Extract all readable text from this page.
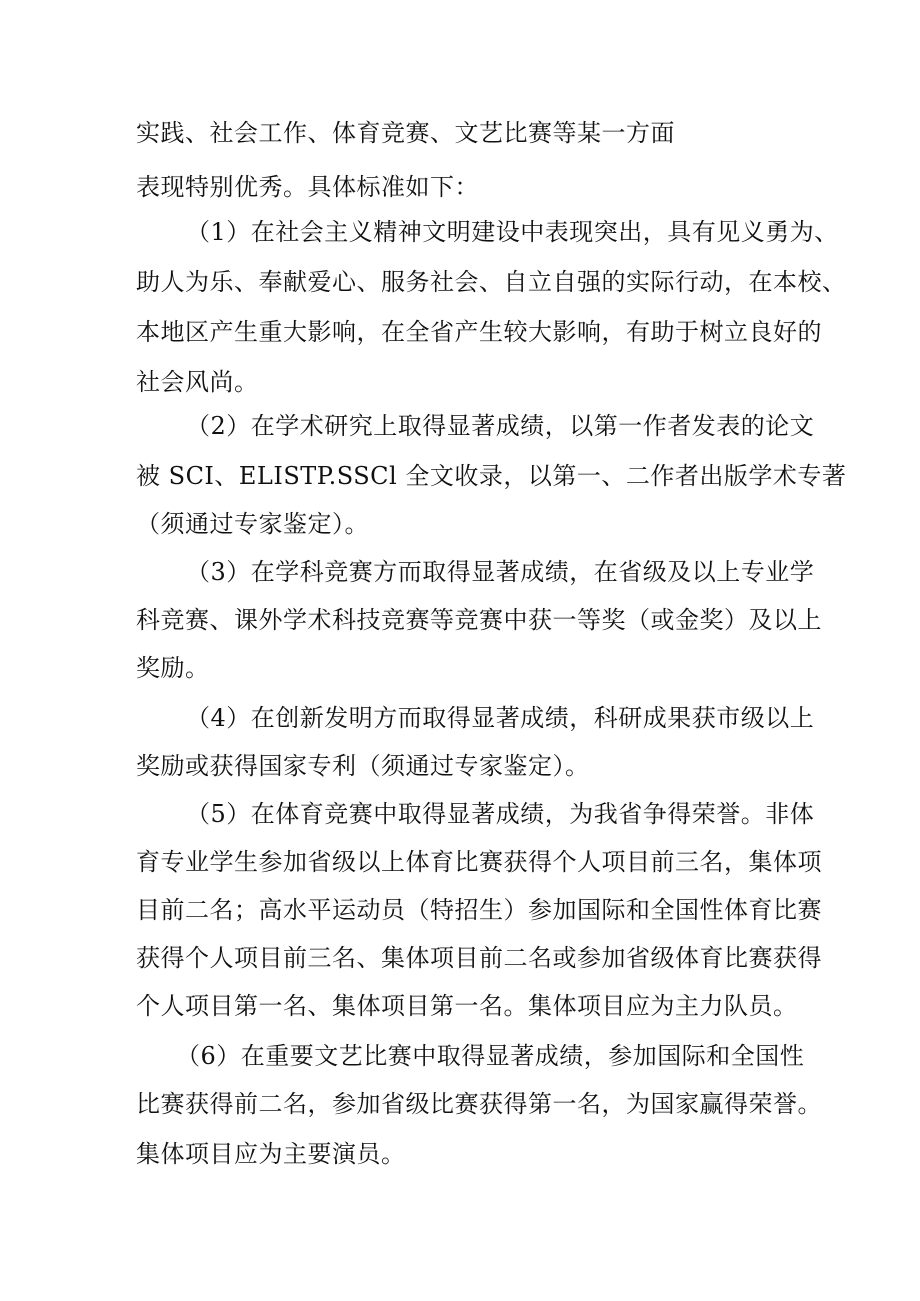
实践、社会工作、体育竞赛、文艺比赛等某一方面
表现特别优秀。具体标准如下：
（1）在社会主义精神文明建设中表现突出，具有见义勇为、
助人为乐、奉献爱心、服务社会、自立自强的实际行动，在本校、
本地区产生重大影响，在全省产生较大影响，有助于树立良好的
社会风尚。
（2）在学术研究上取得显著成绩，以第一作者发表的论文
被 SCI、ELISTP.SSCl 全文收录，以第一、二作者出版学术专著
（须通过专家鉴定）。
（3）在学科竞赛方而取得显著成绩，在省级及以上专业学
科竞赛、课外学术科技竞赛等竞赛中获一等奖（或金奖）及以上
奖励。
（4）在创新发明方而取得显著成绩，科研成果获市级以上
奖励或获得国家专利（须通过专家鉴定）。
（5）在体育竞赛中取得显著成绩，为我省争得荣誉。非体
育专业学生参加省级以上体育比赛获得个人项目前三名，集体项
目前二名；高水平运动员（特招生）参加国际和全国性体育比赛
获得个人项目前三名、集体项目前二名或参加省级体育比赛获得
个人项目第一名、集体项目第一名。集体项目应为主力队员。
（6）在重要文艺比赛中取得显著成绩，参加国际和全国性
比赛获得前二名，参加省级比赛获得第一名，为国家赢得荣誉。
集体项目应为主要演员。
